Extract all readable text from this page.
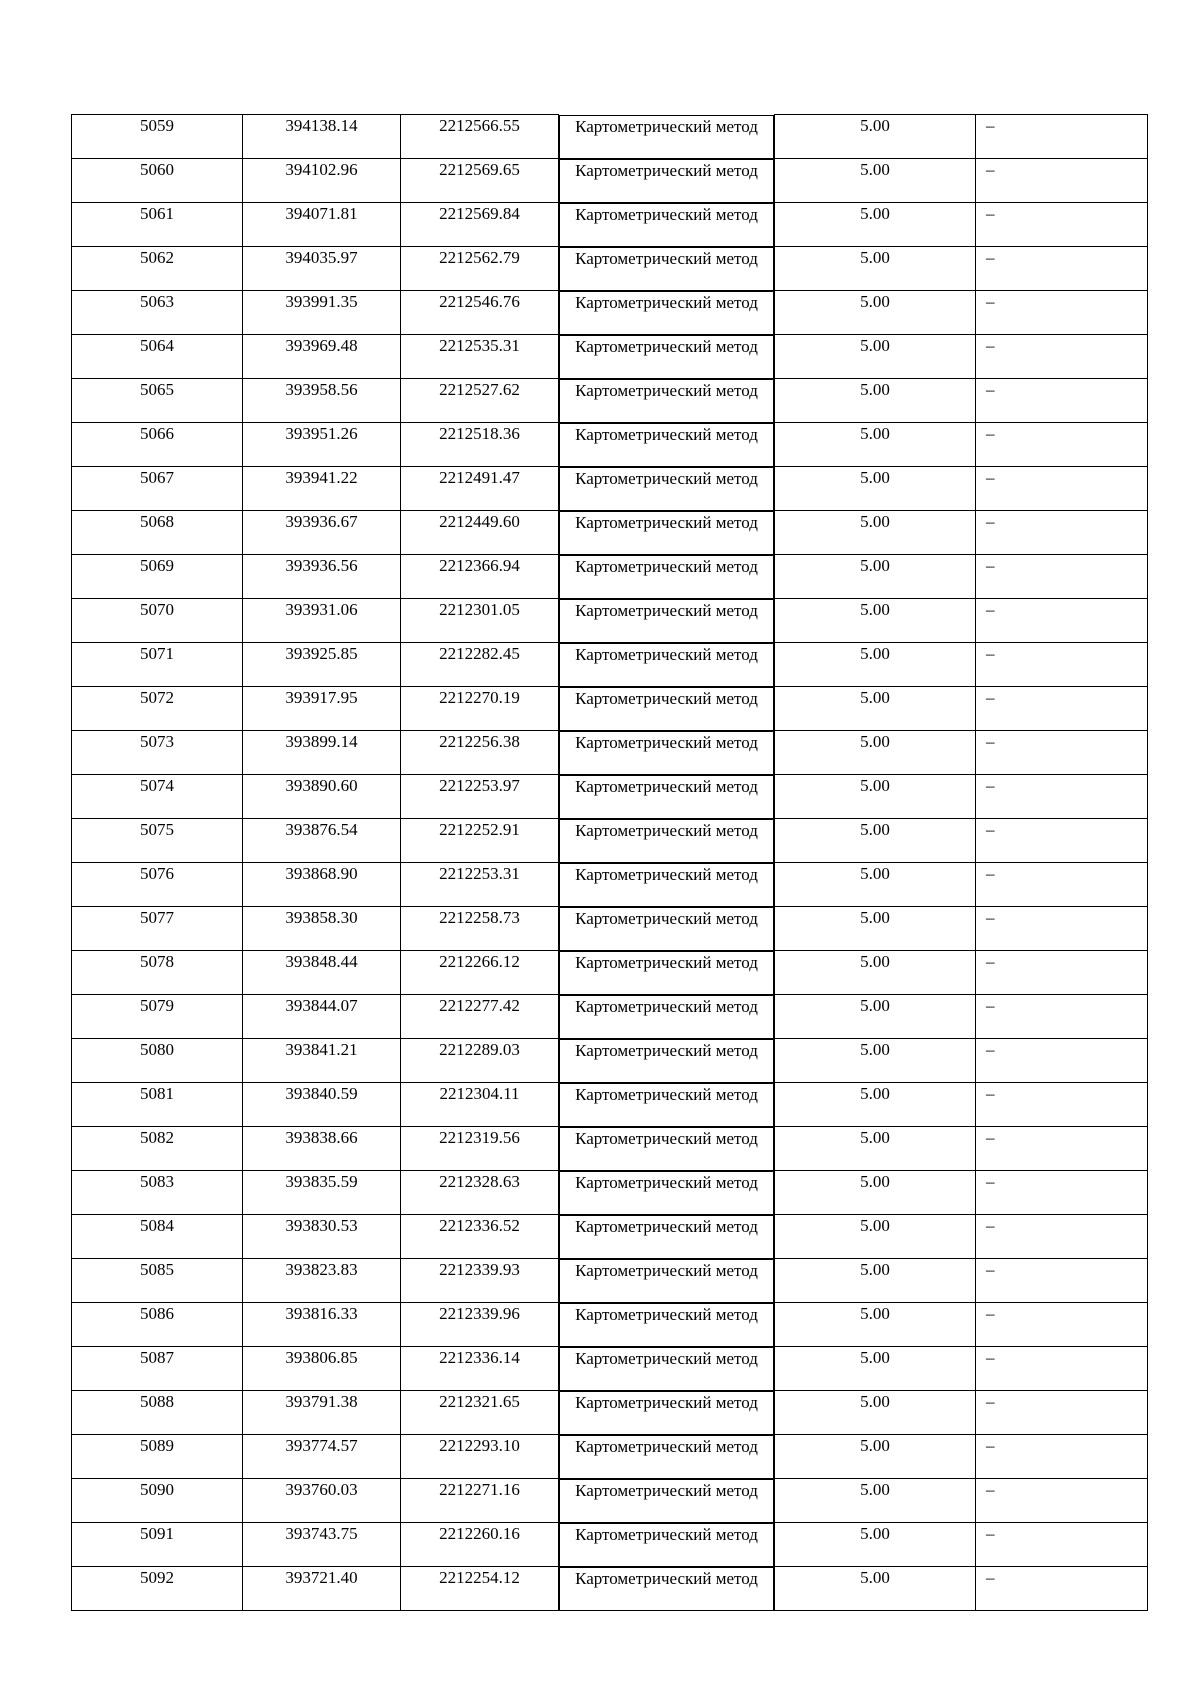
5059	394138.14	2212566.55		Картометрический метод	5.00	–
5060	394102.96	2212569.65		Картометрический метод	5.00	–
5061	394071.81	2212569.84		Картометрический метод	5.00	–
5062	394035.97	2212562.79		Картометрический метод	5.00	–
5063	393991.35	2212546.76		Картометрический метод	5.00	–
5064	393969.48	2212535.31		Картометрический метод	5.00	–
5065	393958.56	2212527.62		Картометрический метод	5.00	–
5066	393951.26	2212518.36		Картометрический метод	5.00	–
5067	393941.22	2212491.47		Картометрический метод	5.00	–
5068	393936.67	2212449.60		Картометрический метод	5.00	–
5069	393936.56	2212366.94		Картометрический метод	5.00	–
5070	393931.06	2212301.05		Картометрический метод	5.00	–
5071	393925.85	2212282.45		Картометрический метод	5.00	–
5072	393917.95	2212270.19		Картометрический метод	5.00	–
5073	393899.14	2212256.38		Картометрический метод	5.00	–
5074	393890.60	2212253.97		Картометрический метод	5.00	–
5075	393876.54	2212252.91		Картометрический метод	5.00	–
5076	393868.90	2212253.31		Картометрический метод	5.00	–
5077	393858.30	2212258.73		Картометрический метод	5.00	–
5078	393848.44	2212266.12		Картометрический метод	5.00	–
5079	393844.07	2212277.42		Картометрический метод	5.00	–
5080	393841.21	2212289.03		Картометрический метод	5.00	–
5081	393840.59	2212304.11		Картометрический метод	5.00	–
5082	393838.66	2212319.56		Картометрический метод	5.00	–
5083	393835.59	2212328.63		Картометрический метод	5.00	–
5084	393830.53	2212336.52		Картометрический метод	5.00	–
5085	393823.83	2212339.93		Картометрический метод	5.00	–
5086	393816.33	2212339.96		Картометрический метод	5.00	–
5087	393806.85	2212336.14		Картометрический метод	5.00	–
5088	393791.38	2212321.65		Картометрический метод	5.00	–
5089	393774.57	2212293.10		Картометрический метод	5.00	–
5090	393760.03	2212271.16		Картометрический метод	5.00	–
5091	393743.75	2212260.16		Картометрический метод	5.00	–
5092	393721.40	2212254.12		Картометрический метод	5.00	–
